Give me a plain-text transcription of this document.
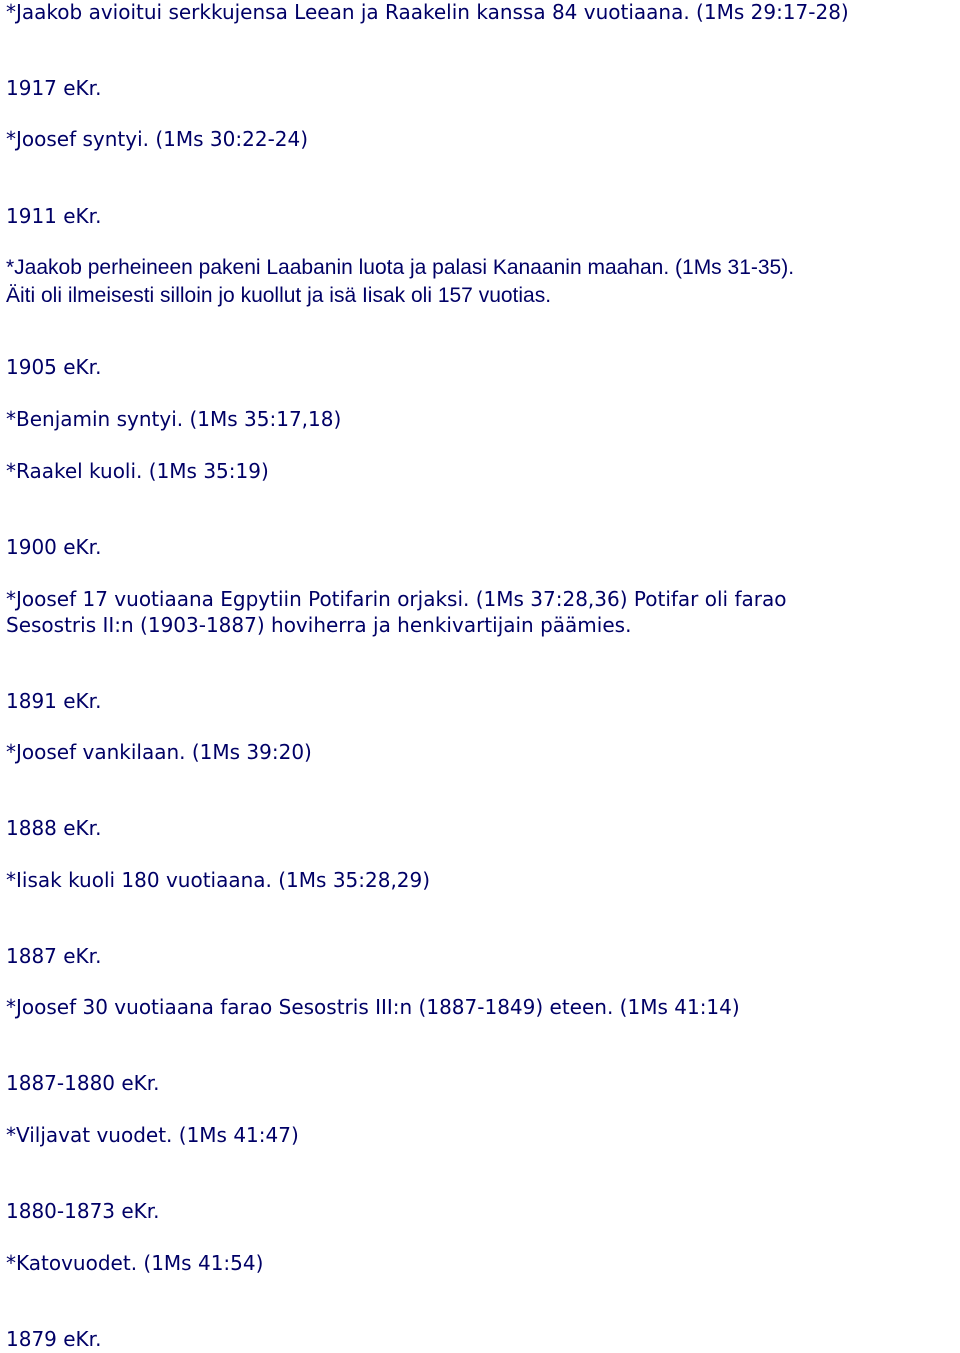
*Jaakob avioitui serkkujensa Leean ja Raakelin kanssa 84 vuotiaana. (1Ms 29:17-28)

1917 eKr.

*Joosef syntyi. (1Ms 30:22-24)

1911 eKr.

*Jaakob perheineen pakeni Laabanin luota ja palasi Kanaanin maahan. (1Ms 31-35).

Äiti oli ilmeisesti silloin jo kuollut ja isä Iisak oli 157 vuotias.

1905 eKr.

*Benjamin syntyi. (1Ms 35:17,18)

*Raakel kuoli. (1Ms 35:19)

1900 eKr.

*Joosef 17 vuotiaana Egpytiin Potifarin orjaksi. (1Ms 37:28,36) Potifar oli farao

Sesostris II:n (1903-1887) hoviherra ja henkivartijain päämies.

1891 eKr.

*Joosef vankilaan. (1Ms 39:20)

1888 eKr.

*Iisak kuoli 180 vuotiaana. (1Ms 35:28,29)

1887 eKr.

*Joosef 30 vuotiaana farao Sesostris III:n (1887-1849) eteen. (1Ms 41:14)

1887-1880 eKr.

*Viljavat vuodet. (1Ms 41:47)

1880-1873 eKr.

*Katovuodet. (1Ms 41:54)

1879 eKr.
